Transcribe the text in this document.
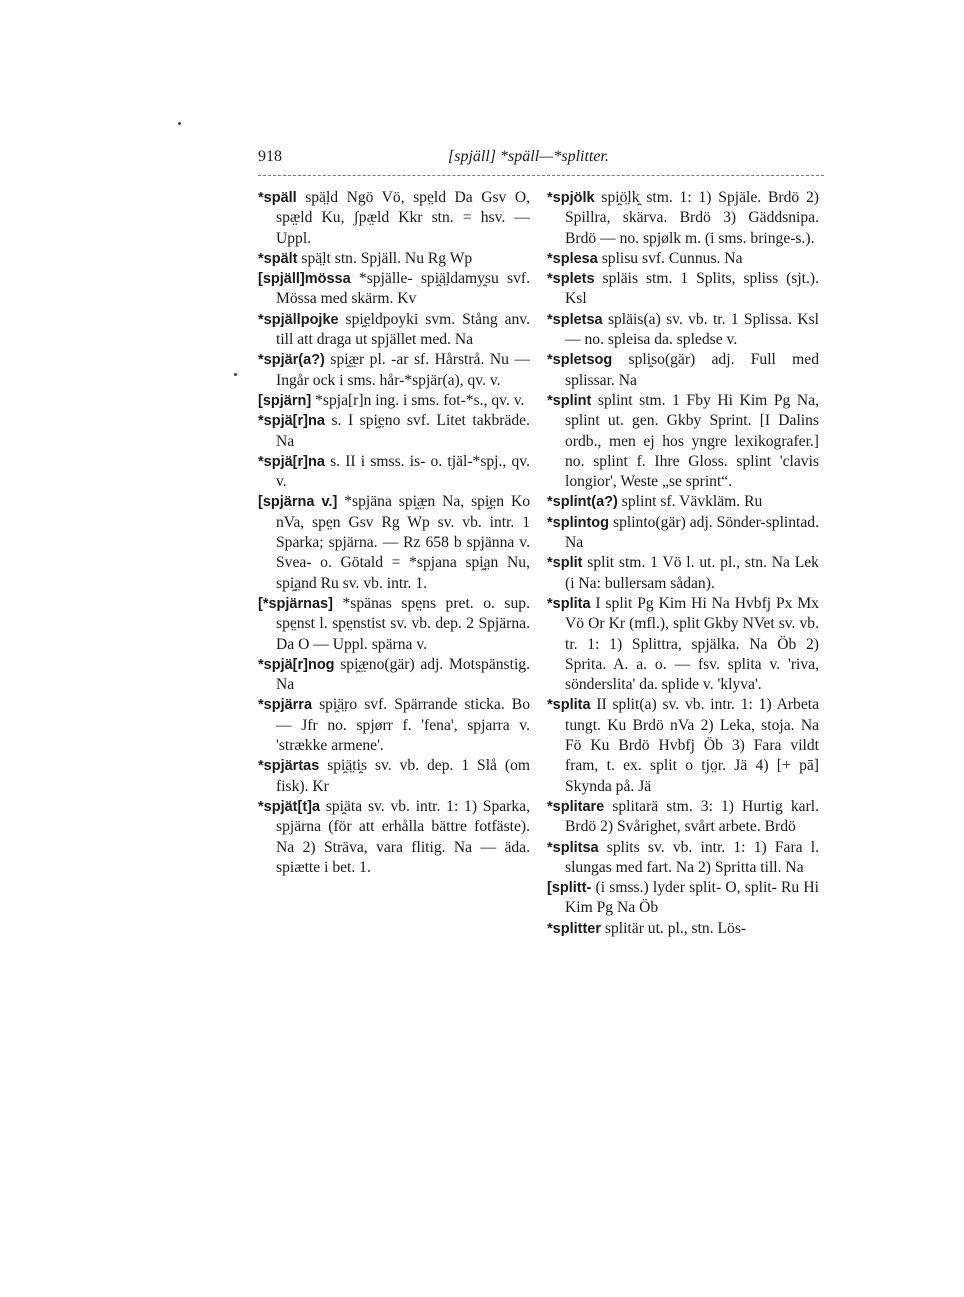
918	[spjäll] *späll—*splitter.

*späll spä̤ld Ngö Vö, spe̤ld Da Gsv O, spæ̤ld Ku, ʃpæ̤ld Kkr stn. = hsv. — Uppl.

*spält spä̤lt stn. Spjäll. Nu Rg Wp

[spjäll]mössa *spjälle- spi̯ä̤ldamy̯su svf. Mössa med skärm. Kv

*spjällpojke spi̯e̤ldpoyki svm. Stång anv. till att draga ut spjället med. Na

*spjär(a?) spi̯æ̤r pl. -ar sf. Hårstrå. Nu — Ingår ock i sms. hår-*spjär(a), qv. v.

[spjärn] *spja[r]n ing. i sms. fot-*s., qv. v.

*spjä[r]na s. I spi̯e̤no svf. Litet takbräde. Na

*spjä[r]na s. II i smss. is- o. tjäl-*spj., qv. v.

[spjärna v.] *spjäna spi̯æ̤n Na, spi̯e̤n Ko nVa, spe̤n Gsv Rg Wp sv. vb. intr. 1 Sparka; spjärna. — Rz 658 b spjänna v. Svea- o. Götald = *spjana spi̯a̤n Nu, spi̯a̤nd Ru sv. vb. intr. 1.

[*spjärnas] *spänas spe̤ns pret. o. sup. spe̤nst l. spe̤nstist sv. vb. dep. 2 Spjärna. Da O — Uppl. spärna v.

*spjä[r]nog spi̯æ̤no(gär) adj. Motspänstig. Na

*spjärra spi̯ä̤ro svf. Spärrande sticka. Bo — Jfr no. spjørr f. 'fena', spjarra v. 'strække armene'.

*spjärtas spi̯ä̤ti̯s sv. vb. dep. 1 Slå (om fisk). Kr

*spjät[t]a spi̯äta sv. vb. intr. 1: 1) Sparka, spjärna (för att erhålla bättre fotfäste). Na 2) Sträva, vara flitig. Na — äda. spiætte i bet. 1.

*spjölk spi̯ö̤lk̯ stm. 1: 1) Spjäle. Brdö 2) Spillra, skärva. Brdö 3) Gäddsnipa. Brdö — no. spjølk m. (i sms. bringe-s.).

*splesa splisu svf. Cunnus. Na

*splets spläis stm. 1 Splits, spliss (sjt.). Ksl

*spletsa spläis(a) sv. vb. tr. 1 Splissa. Ksl — no. spleisa da. spledse v.

*spletsog spli̯so(gär) adj. Full med splissar. Na

*splint splint stm. 1 Fby Hi Kim Pg Na, splint ut. gen. Gkby Sprint. [I Dalins ordb., men ej hos yngre lexikografer.] no. splint f. Ihre Gloss. splint 'clavis longior', Weste „se sprint“.

*splint(a?) splint sf. Vävkläm. Ru

*splintog splinto(gär) adj. Sönder-splintad. Na

*split split stm. 1 Vö l. ut. pl., stn. Na Lek (i Na: bullersam sådan).

*splita I split Pg Kim Hi Na Hvbfj Px Mx Vö Or Kr (mfl.), split Gkby NVet sv. vb. tr. 1: 1) Splittra, spjälka. Na Öb 2) Sprita. A. a. o. — fsv. splita v. 'riva, sönderslita' da. splide v. 'klyva'.

*splita II split(a) sv. vb. intr. 1: 1) Arbeta tungt. Ku Brdö nVa 2) Leka, stoja. Na Fö Ku Brdö Hvbfj Öb 3) Fara vildt fram, t. ex. split o tjo̤r. Jä 4) [+ pā] Skynda på. Jä

*splitare splitarä stm. 3: 1) Hurtig karl. Brdö 2) Svårighet, svårt arbete. Brdö

*splitsa splits sv. vb. intr. 1: 1) Fara l. slungas med fart. Na 2) Spritta till. Na

[splitt- (i smss.) lyder split- O, split- Ru Hi Kim Pg Na Öb

*splitter splitär ut. pl., stn. Lös-
